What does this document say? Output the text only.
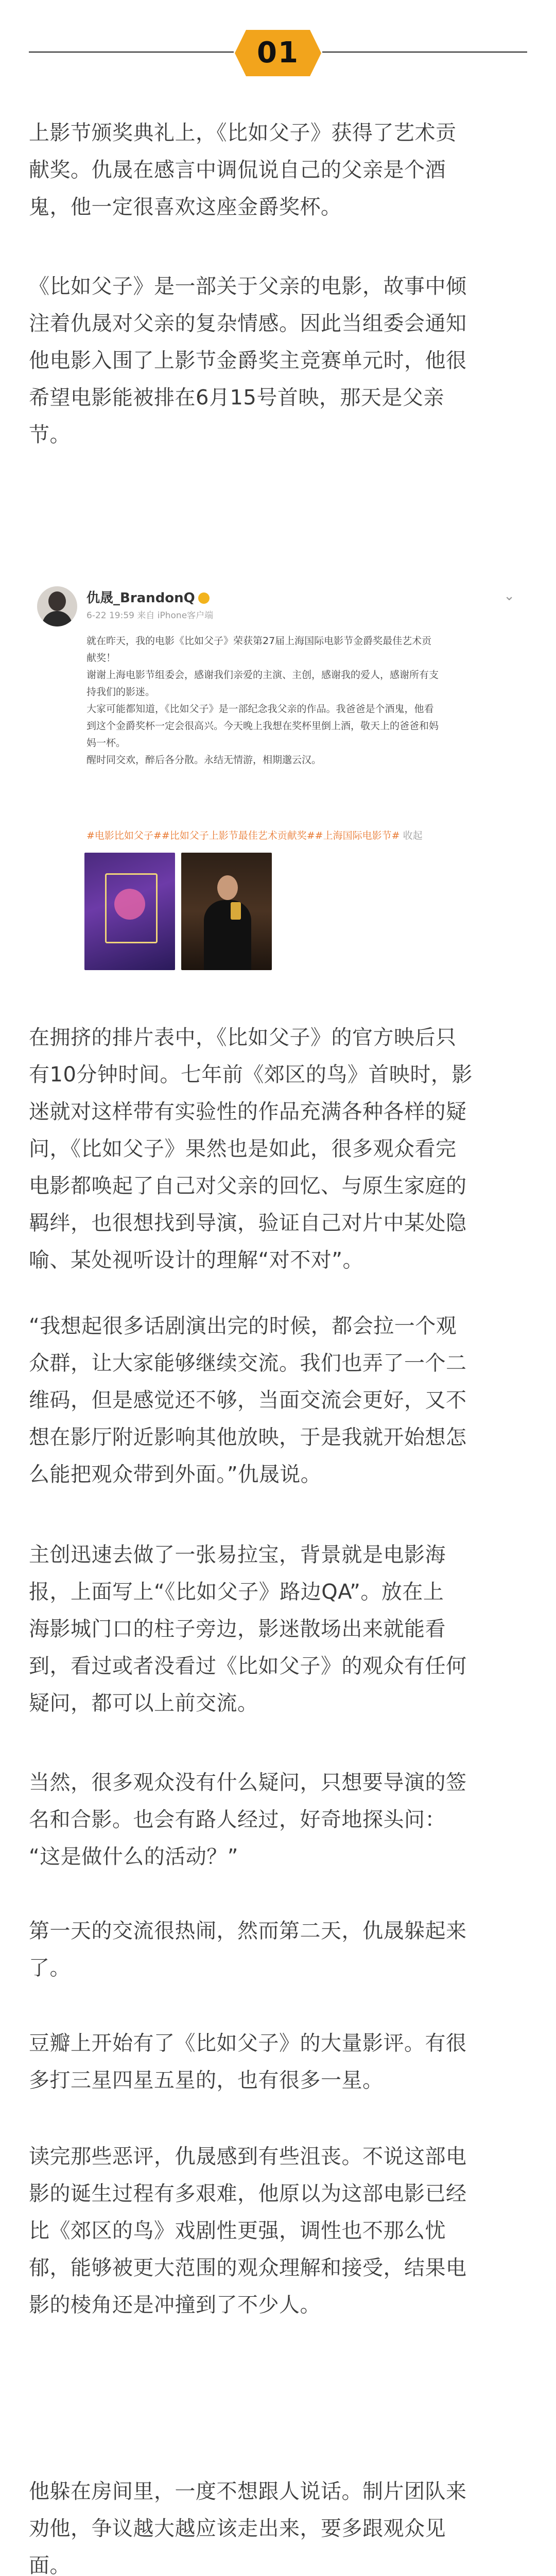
01
上影节颁奖典礼上，《比如父子》获得了艺术贡
献奖。仇晟在感言中调侃说自己的父亲是个酒
鬼，他一定很喜欢这座金爵奖杯。
《比如父子》是一部关于父亲的电影，故事中倾
注着仇晟对父亲的复杂情感。因此当组委会通知
他电影入围了上影节金爵奖主竞赛单元时，他很
希望电影能被排在6月15号首映，那天是父亲
节。
仇晟_BrandonQ
6-22 19:59 来自 iPhone客户端
⌄
就在昨天，我的电影《比如父子》荣获第27届上海国际电影节金爵奖最佳艺术贡
献奖！
谢谢上海电影节组委会，感谢我们亲爱的主演、主创，感谢我的爱人，感谢所有支
持我们的影迷。
大家可能都知道，《比如父子》是一部纪念我父亲的作品。我爸爸是个酒鬼，他看
到这个金爵奖杯一定会很高兴。今天晚上我想在奖杯里倒上酒，敬天上的爸爸和妈
妈一杯。
醒时同交欢，醉后各分散。永结无情游，相期邈云汉。
#电影比如父子##比如父子上影节最佳艺术贡献奖##上海国际电影节# 收起
在拥挤的排片表中，《比如父子》的官方映后只
有10分钟时间。七年前《郊区的鸟》首映时，影
迷就对这样带有实验性的作品充满各种各样的疑
问，《比如父子》果然也是如此，很多观众看完
电影都唤起了自己对父亲的回忆、与原生家庭的
羁绊，也很想找到导演，验证自己对片中某处隐
喻、某处视听设计的理解“对不对”。
“我想起很多话剧演出完的时候，都会拉一个观
众群，让大家能够继续交流。我们也弄了一个二
维码，但是感觉还不够，当面交流会更好，又不
想在影厅附近影响其他放映，于是我就开始想怎
么能把观众带到外面。”仇晟说。
主创迅速去做了一张易拉宝，背景就是电影海
报，上面写上“《比如父子》路边QA”。放在上
海影城门口的柱子旁边，影迷散场出来就能看
到，看过或者没看过《比如父子》的观众有任何
疑问，都可以上前交流。
当然，很多观众没有什么疑问，只想要导演的签
名和合影。也会有路人经过，好奇地探头问：
“这是做什么的活动？”
第一天的交流很热闹，然而第二天，仇晟躲起来
了。
豆瓣上开始有了《比如父子》的大量影评。有很
多打三星四星五星的，也有很多一星。
读完那些恶评，仇晟感到有些沮丧。不说这部电
影的诞生过程有多艰难，他原以为这部电影已经
比《郊区的鸟》戏剧性更强，调性也不那么忧
郁，能够被更大范围的观众理解和接受，结果电
影的棱角还是冲撞到了不少人。
他躲在房间里，一度不想跟人说话。制片团队来
劝他，争议越大越应该走出来，要多跟观众见
面。
